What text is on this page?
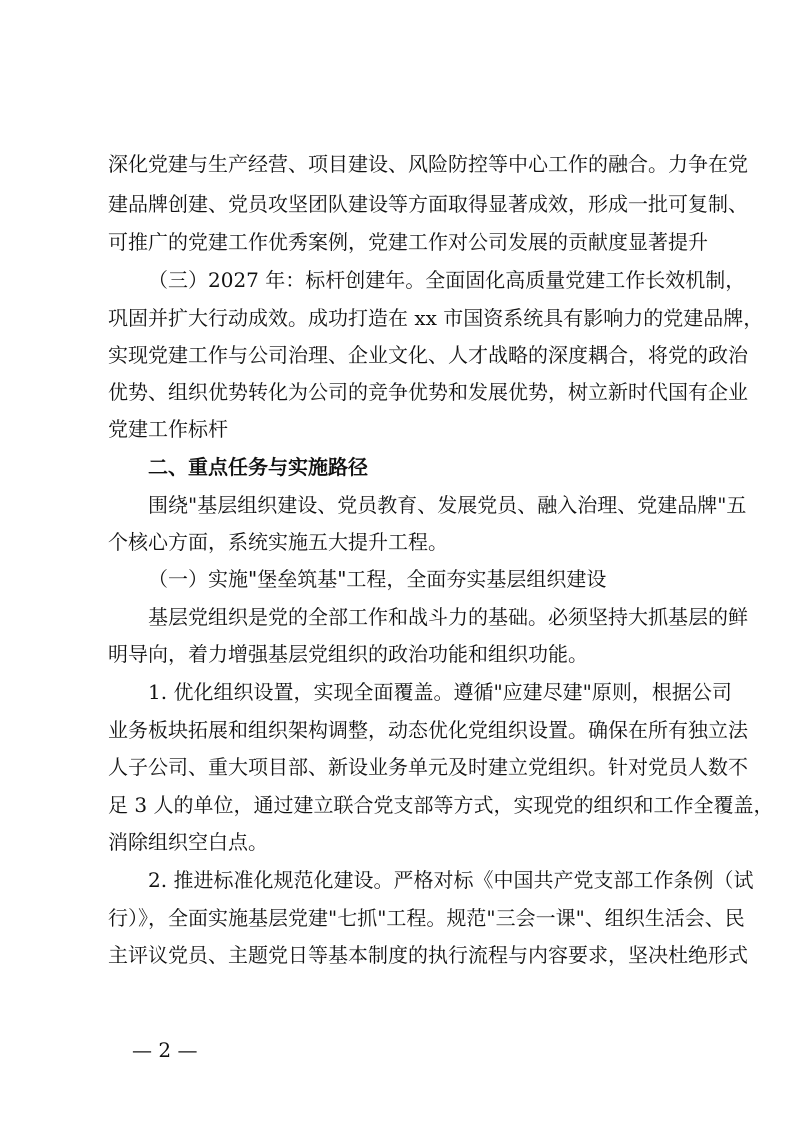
深化党建与生产经营、项目建设、风险防控等中心工作的融合。力争在党
建品牌创建、党员攻坚团队建设等方面取得显著成效，形成一批可复制、
可推广的党建工作优秀案例，党建工作对公司发展的贡献度显著提升
（三）2027 年：标杆创建年。全面固化高质量党建工作长效机制，
巩固并扩大行动成效。成功打造在 xx 市国资系统具有影响力的党建品牌，
实现党建工作与公司治理、企业文化、人才战略的深度耦合，将党的政治
优势、组织优势转化为公司的竞争优势和发展优势，树立新时代国有企业
党建工作标杆
二、重点任务与实施路径
围绕"基层组织建设、党员教育、发展党员、融入治理、党建品牌"五
个核心方面，系统实施五大提升工程。
（一）实施"堡垒筑基"工程，全面夯实基层组织建设
基层党组织是党的全部工作和战斗力的基础。必须坚持大抓基层的鲜
明导向，着力增强基层党组织的政治功能和组织功能。
1. 优化组织设置，实现全面覆盖。遵循"应建尽建"原则，根据公司
业务板块拓展和组织架构调整，动态优化党组织设置。确保在所有独立法
人子公司、重大项目部、新设业务单元及时建立党组织。针对党员人数不
足 3 人的单位，通过建立联合党支部等方式，实现党的组织和工作全覆盖，
消除组织空白点。
2. 推进标准化规范化建设。严格对标《中国共产党支部工作条例（试
行）》，全面实施基层党建"七抓"工程。规范"三会一课"、组织生活会、民
主评议党员、主题党日等基本制度的执行流程与内容要求，坚决杜绝形式
— 2 —
